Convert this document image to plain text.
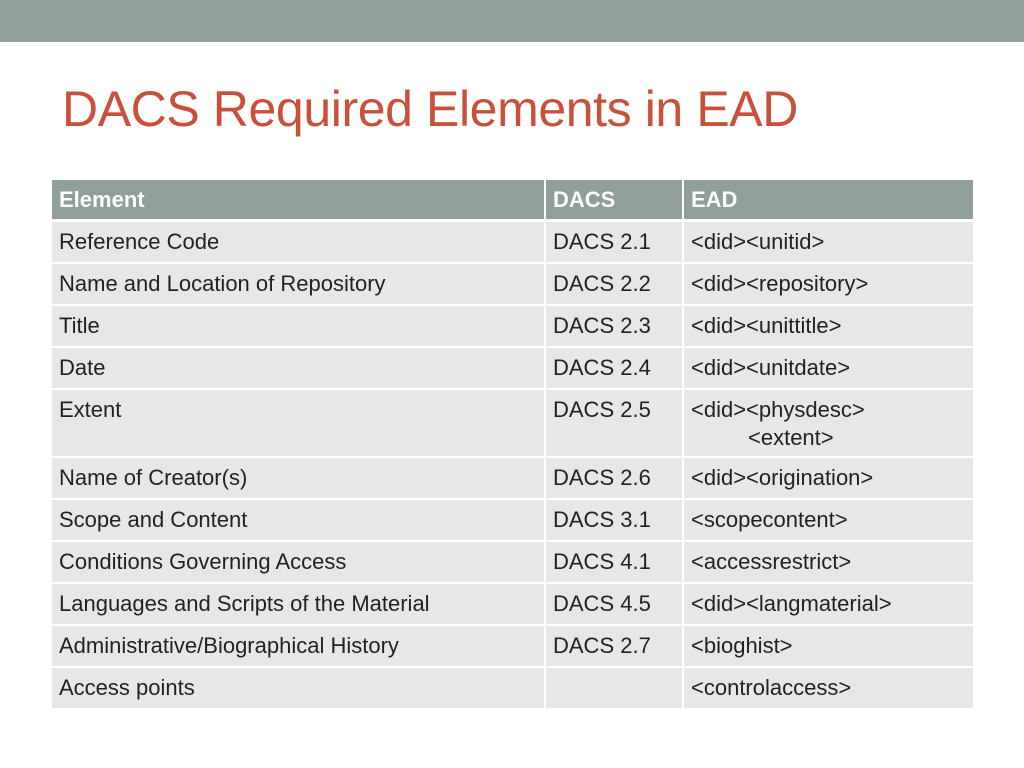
DACS Required Elements in EAD
Element	DACS	EAD
Reference Code	DACS 2.1	<did><unitid>
Name and Location of Repository	DACS 2.2	<did><repository>
Title	DACS 2.3	<did><unittitle>
Date	DACS 2.4	<did><unitdate>
Extent	DACS 2.5	<did><physdesc>
<extent>

Name of Creator(s)	DACS 2.6	<did><origination>
Scope and Content	DACS 3.1	<scopecontent>
Conditions Governing Access	DACS 4.1	<accessrestrict>
Languages and Scripts of the Material	DACS 4.5	<did><langmaterial>
Administrative/Biographical History	DACS 2.7	<bioghist>
Access points		<controlaccess>
